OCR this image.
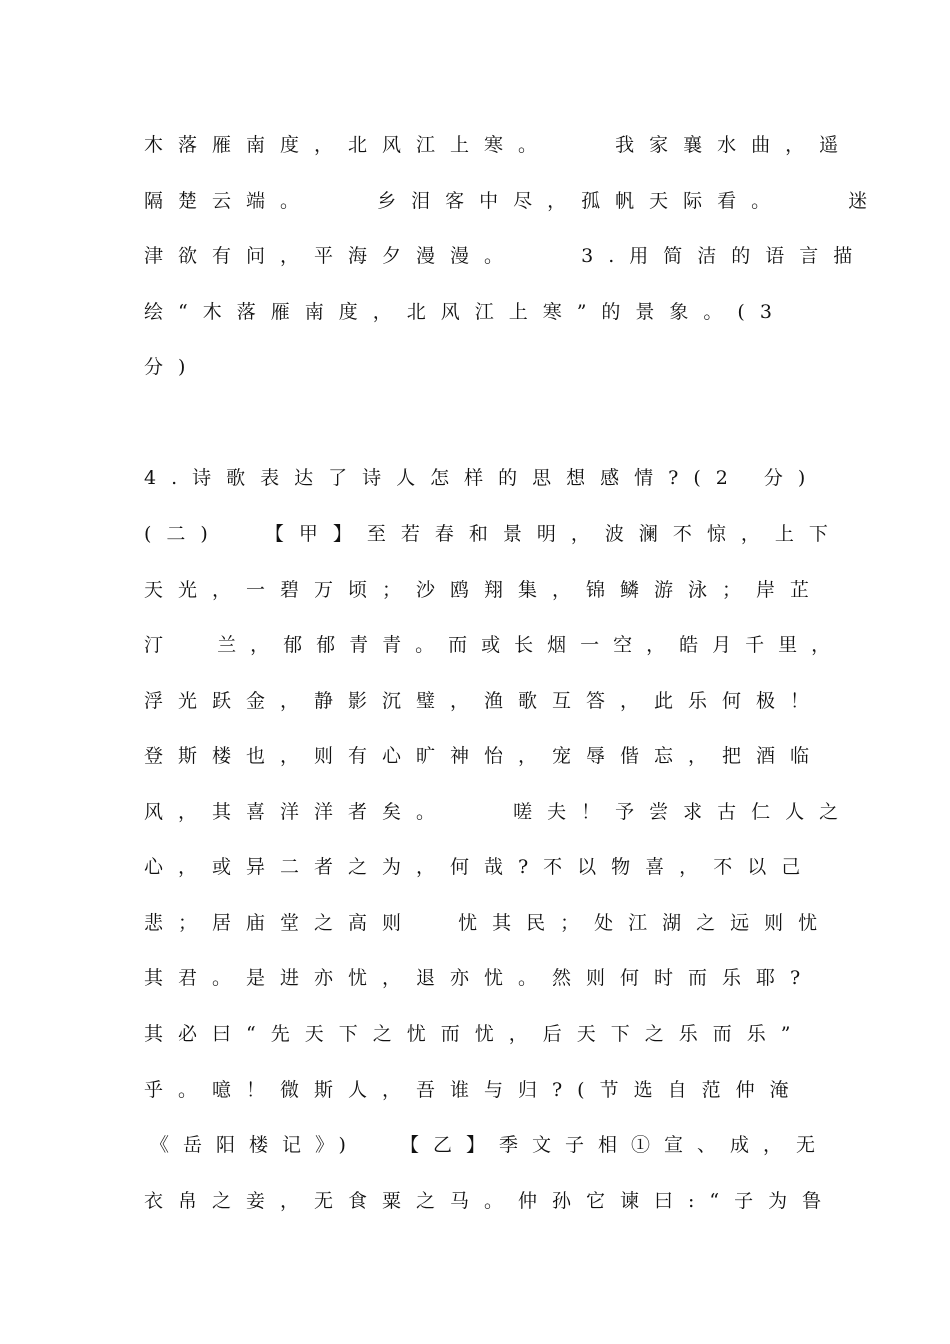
木落雁南度，北风江上寒。   我家襄水曲，遥
隔楚云端。   乡泪客中尽，孤帆天际看。   迷
津欲有问，平海夕漫漫。   3.用简洁的语言描
绘“木落雁南度，北风江上寒”的景象。(3
分)
4.诗歌表达了诗人怎样的思想感情?(2 分)
(二)  【甲】至若春和景明，波澜不惊，上下
天光，一碧万顷；沙鸥翔集，锦鳞游泳；岸芷
汀  兰，郁郁青青。而或长烟一空，皓月千里，
浮光跃金，静影沉璧，渔歌互答，此乐何极！
登斯楼也，则有心旷神怡，宠辱偕忘，把酒临
风，其喜洋洋者矣。   嗟夫！予尝求古仁人之
心，或异二者之为，何哉?不以物喜，不以己
悲；居庙堂之高则  忧其民；处江湖之远则忧
其君。是进亦忧，退亦忧。然则何时而乐耶?
其必曰“先天下之忧而忧，后天下之乐而乐”
乎。噫！微斯人，吾谁与归?(节选自范仲淹
《岳阳楼记》)  【乙】季文子相①宣、成，无
衣帛之妾，无食粟之马。仲孙它谏曰:“子为鲁
